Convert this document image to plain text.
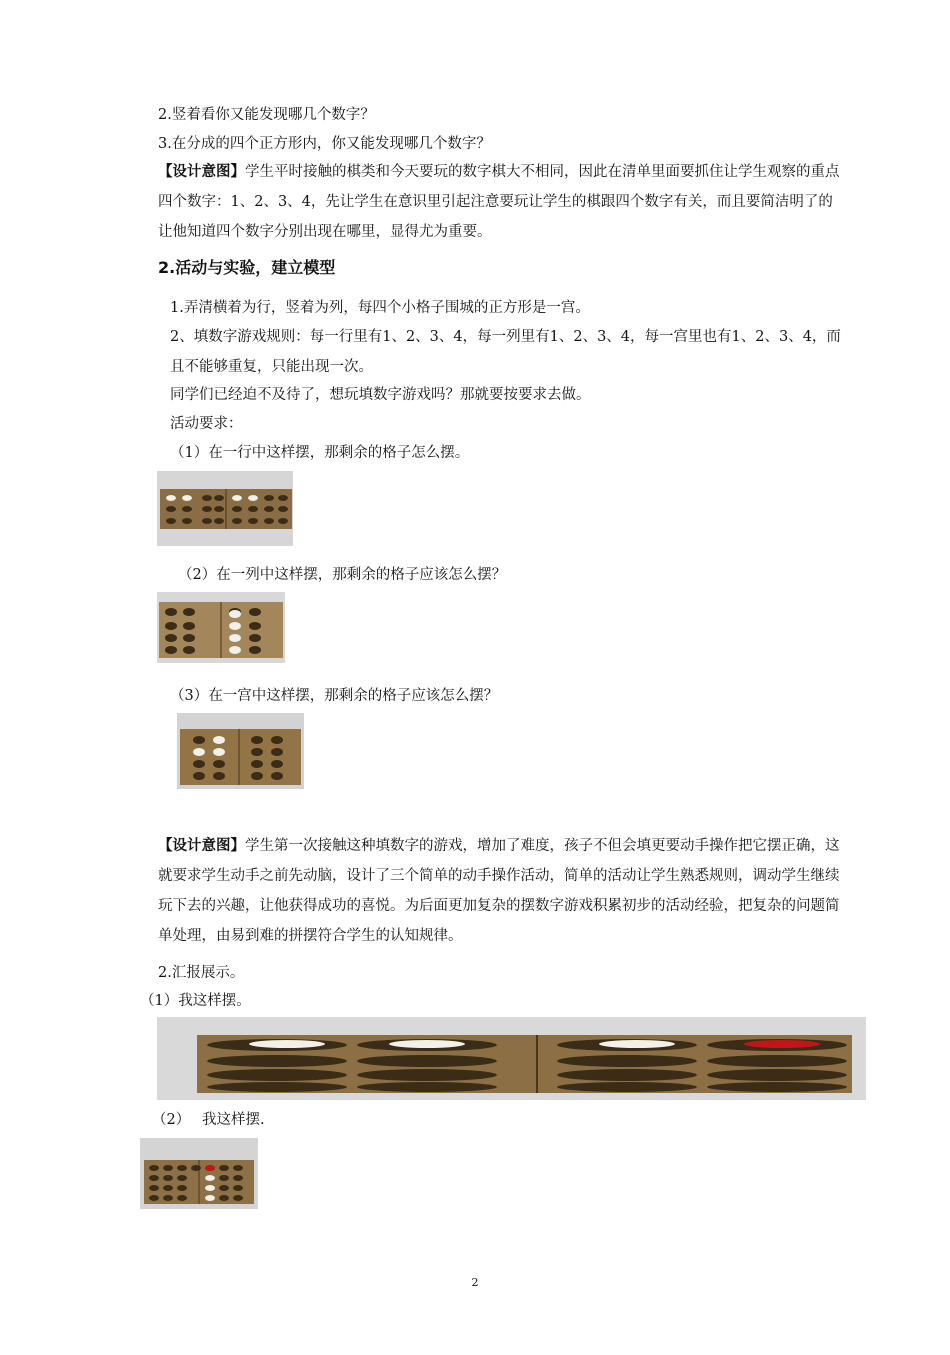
2.竖着看你又能发现哪几个数字？
3.在分成的四个正方形内，你又能发现哪几个数字？
【设计意图】学生平时接触的棋类和今天要玩的数字棋大不相同，因此在清单里面要抓住让学生观察的重点四个数字：1、2、3、4，先让学生在意识里引起注意要玩让学生的棋跟四个数字有关，而且要简洁明了的让他知道四个数字分别出现在哪里，显得尤为重要。
2.活动与实验，建立模型
1.弄清横着为行，竖着为列，每四个小格子围城的正方形是一宫。
2、填数字游戏规则：每一行里有1、2、3、4，每一列里有1、2、3、4，每一宫里也有1、2、3、4，而且不能够重复，只能出现一次。
同学们已经迫不及待了，想玩填数字游戏吗？那就要按要求去做。
活动要求：
（1）在一行中这样摆，那剩余的格子怎么摆。
（2）在一列中这样摆，那剩余的格子应该怎么摆？
（3）在一宫中这样摆，那剩余的格子应该怎么摆？
【设计意图】学生第一次接触这种填数字的游戏，增加了难度，孩子不但会填更要动手操作把它摆正确，这就要求学生动手之前先动脑，设计了三个简单的动手操作活动，简单的活动让学生熟悉规则，调动学生继续玩下去的兴趣，让他获得成功的喜悦。为后面更加复杂的摆数字游戏积累初步的活动经验，把复杂的问题简单处理，由易到难的拼摆符合学生的认知规律。
2.汇报展示。
（1）我这样摆。
（2） 我这样摆.
2
